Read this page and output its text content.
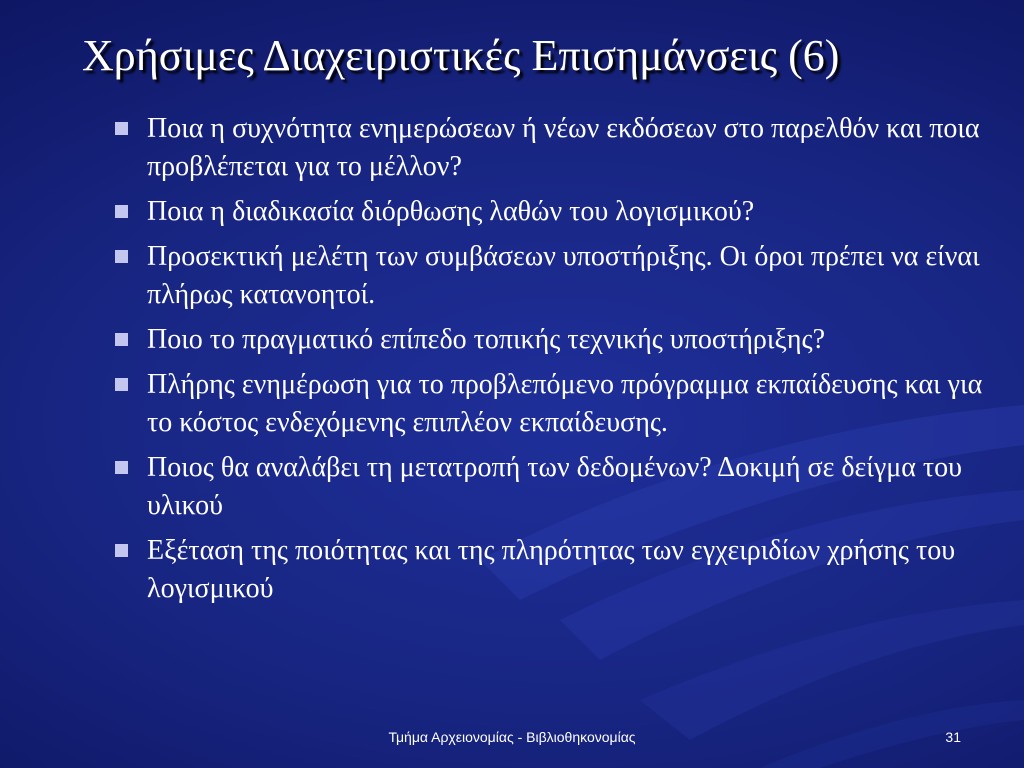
Χρήσιμες Διαχειριστικές Επισημάνσεις (6)
Ποια η συχνότητα ενημερώσεων ή νέων εκδόσεων στο παρελθόν και ποια προβλέπεται για το μέλλον?
Ποια η διαδικασία διόρθωσης λαθών του λογισμικού?
Προσεκτική μελέτη των συμβάσεων υποστήριξης. Οι όροι πρέπει να είναι πλήρως κατανοητοί.
Ποιο το πραγματικό επίπεδο τοπικής τεχνικής υποστήριξης?
Πλήρης ενημέρωση για το προβλεπόμενο πρόγραμμα εκπαίδευσης και για το κόστος ενδεχόμενης επιπλέον εκπαίδευσης.
Ποιος θα αναλάβει τη μετατροπή των δεδομένων? Δοκιμή σε δείγμα του υλικού
Εξέταση της ποιότητας και της πληρότητας των εγχειριδίων χρήσης του λογισμικού
Τμήμα Αρχειονομίας - Βιβλιοθηκονομίας	31
